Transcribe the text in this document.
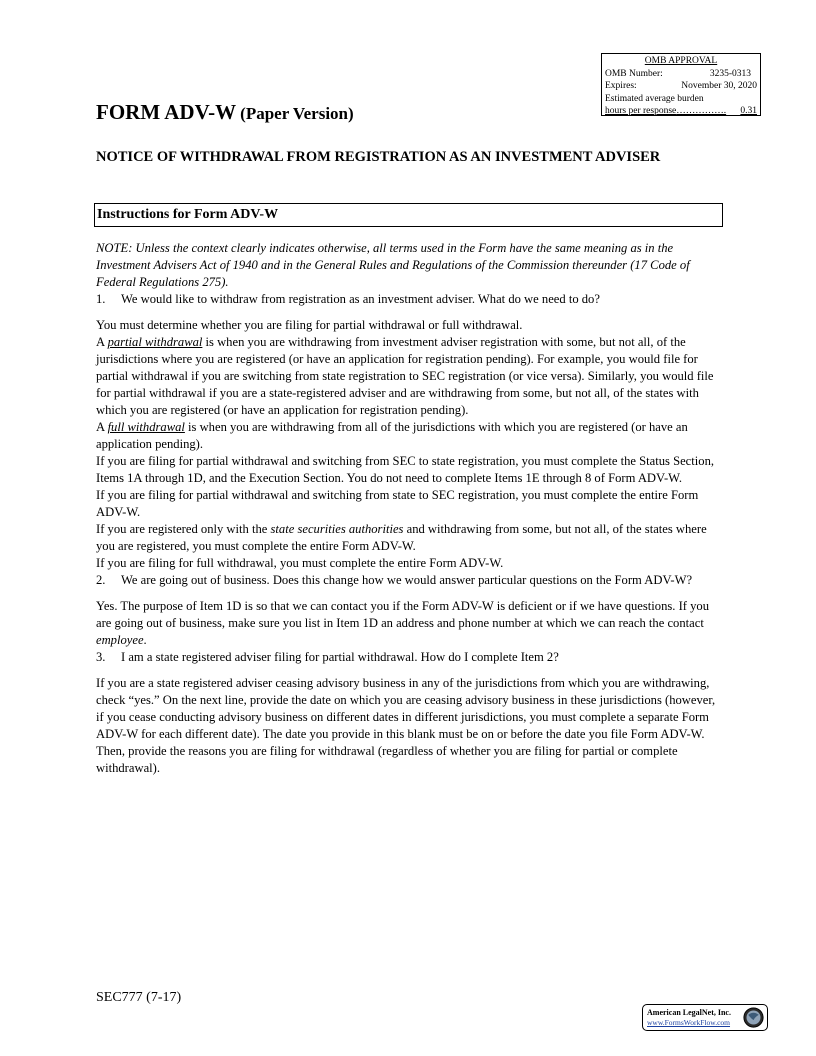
OMB APPROVAL
OMB Number:	3235-0313
Expires:	November 30, 2020
Estimated average burden
hours per response……………. 0.31
FORM ADV-W (Paper Version)
NOTICE OF WITHDRAWAL FROM REGISTRATION AS AN INVESTMENT ADVISER
Instructions for Form ADV-W

NOTE: Unless the context clearly indicates otherwise, all terms used in the Form have the same meaning as in the Investment Advisers Act of 1940 and in the General Rules and Regulations of the Commission thereunder (17 Code of Federal Regulations 275).

1.	We would like to withdraw from registration as an investment adviser. What do we need to do?

You must determine whether you are filing for partial withdrawal or full withdrawal.

A partial withdrawal is when you are withdrawing from investment adviser registration with some, but not all, of the jurisdictions where you are registered (or have an application for registration pending). For example, you would file for partial withdrawal if you are switching from state registration to SEC registration (or vice versa). Similarly, you would file for partial withdrawal if you are a state-registered adviser and are withdrawing from some, but not all, of the states with which you are registered (or have an application for registration pending).

A full withdrawal is when you are withdrawing from all of the jurisdictions with which you are registered (or have an application pending).

If you are filing for partial withdrawal and switching from SEC to state registration, you must complete the Status Section, Items 1A through 1D, and the Execution Section. You do not need to complete Items 1E through 8 of Form ADV-W.

If you are filing for partial withdrawal and switching from state to SEC registration, you must complete the entire Form ADV-W.

If you are registered only with the state securities authorities and withdrawing from some, but not all, of the states where you are registered, you must complete the entire Form ADV-W.

If you are filing for full withdrawal, you must complete the entire Form ADV-W.

2.	We are going out of business. Does this change how we would answer particular questions on the Form ADV-W?

Yes. The purpose of Item 1D is so that we can contact you if the Form ADV-W is deficient or if we have questions. If you are going out of business, make sure you list in Item 1D an address and phone number at which we can reach the contact employee.

3.	I am a state registered adviser filing for partial withdrawal. How do I complete Item 2?

If you are a state registered adviser ceasing advisory business in any of the jurisdictions from which you are withdrawing, check “yes.” On the next line, provide the date on which you are ceasing advisory business in these jurisdictions (however, if you cease conducting advisory business on different dates in different jurisdictions, you must complete a separate Form ADV-W for each different date). The date you provide in this blank must be on or before the date you file Form ADV-W. Then, provide the reasons you are filing for withdrawal (regardless of whether you are filing for partial or complete withdrawal).

SEC777 (7-17)
American LegalNet, Inc.
www.FormsWorkFlow.com
